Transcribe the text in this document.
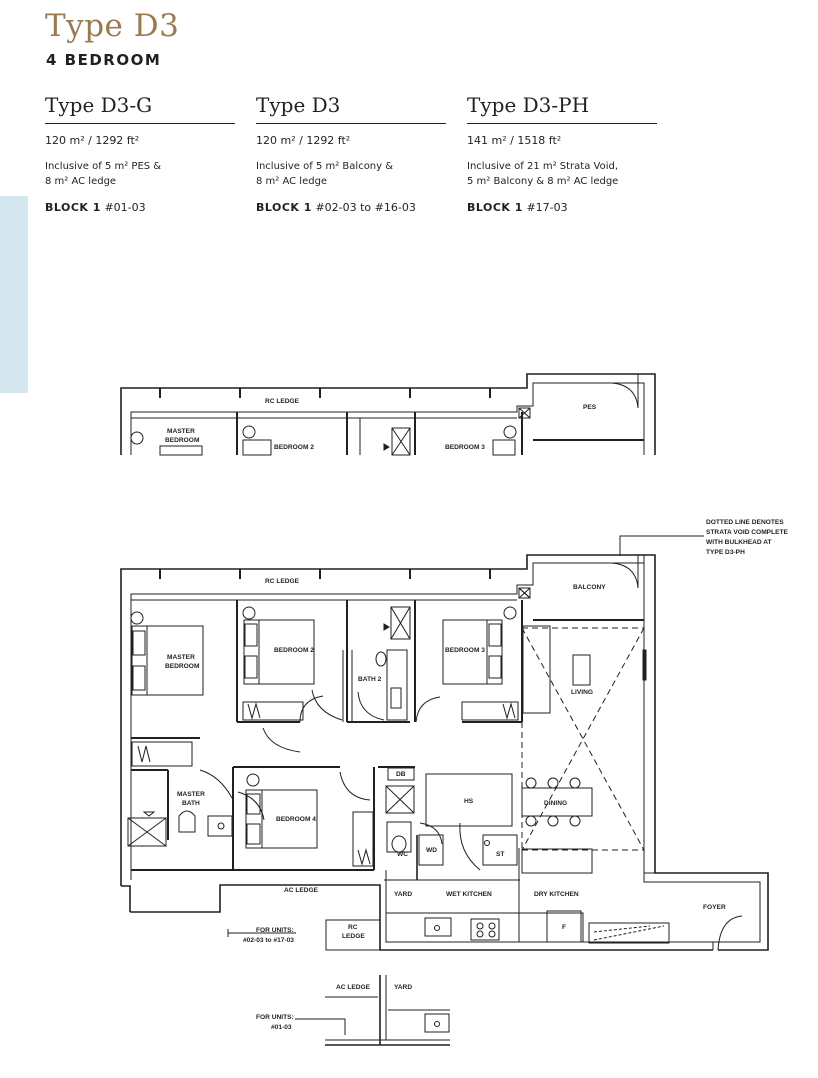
Type D3
4 BEDROOM
Type D3-G
120 m² / 1292 ft²
Inclusive of 5 m² PES &
8 m² AC ledge
BLOCK 1 #01-03
Type D3
120 m² / 1292 ft²
Inclusive of 5 m² Balcony &
8 m² AC ledge
BLOCK 1 #02-03 to #16-03
Type D3-PH
141 m² / 1518 ft²
Inclusive of 21 m² Strata Void,
5 m² Balcony & 8 m² AC ledge
BLOCK 1 #17-03
RC LEDGE
PES
MASTER
BEDROOM
BEDROOM 2	BEDROOM 3
DOTTED LINE DENOTES
STRATA VOID COMPLETE
WITH BULKHEAD AT
TYPE D3-PH
RC LEDGE
BALCONY
MASTER
BEDROOM
BEDROOM 2	BEDROOM 3
BATH 2
LIVING
MASTER
BATH
BEDROOM 4
DB
HS	DINING
WD
WC	ST
AC LEDGE
YARD	WET KITCHEN	DRY KITCHEN
FOYER
F
FOR UNITS:
#02-03 to #17-03
RC
LEDGE
AC LEDGE	YARD
FOR UNITS:
#01-03
